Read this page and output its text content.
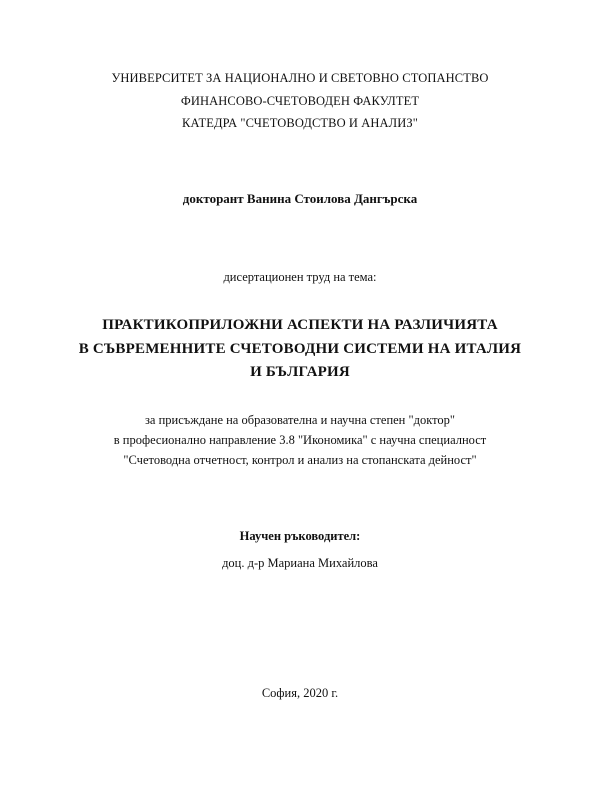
УНИВЕРСИТЕТ ЗА НАЦИОНАЛНО И СВЕТОВНО СТОПАНСТВО
ФИНАНСОВО-СЧЕТОВОДЕН ФАКУЛТЕТ
КАТЕДРА "СЧЕТОВОДСТВО И АНАЛИЗ"
докторант Ванина Стоилова Дангърска
дисертационен труд на тема:
ПРАКТИКОПРИЛОЖНИ АСПЕКТИ НА РАЗЛИЧИЯТА
В СЪВРЕМЕННИТЕ СЧЕТОВОДНИ СИСТЕМИ НА ИТАЛИЯ
И БЪЛГАРИЯ
за присъждане на образователна и научна степен "доктор"
в професионално направление 3.8 "Икономика" с научна специалност
"Счетоводна отчетност, контрол и анализ на стопанската дейност"
Научен ръководител:
доц. д-р Мариана Михайлова
София, 2020 г.
